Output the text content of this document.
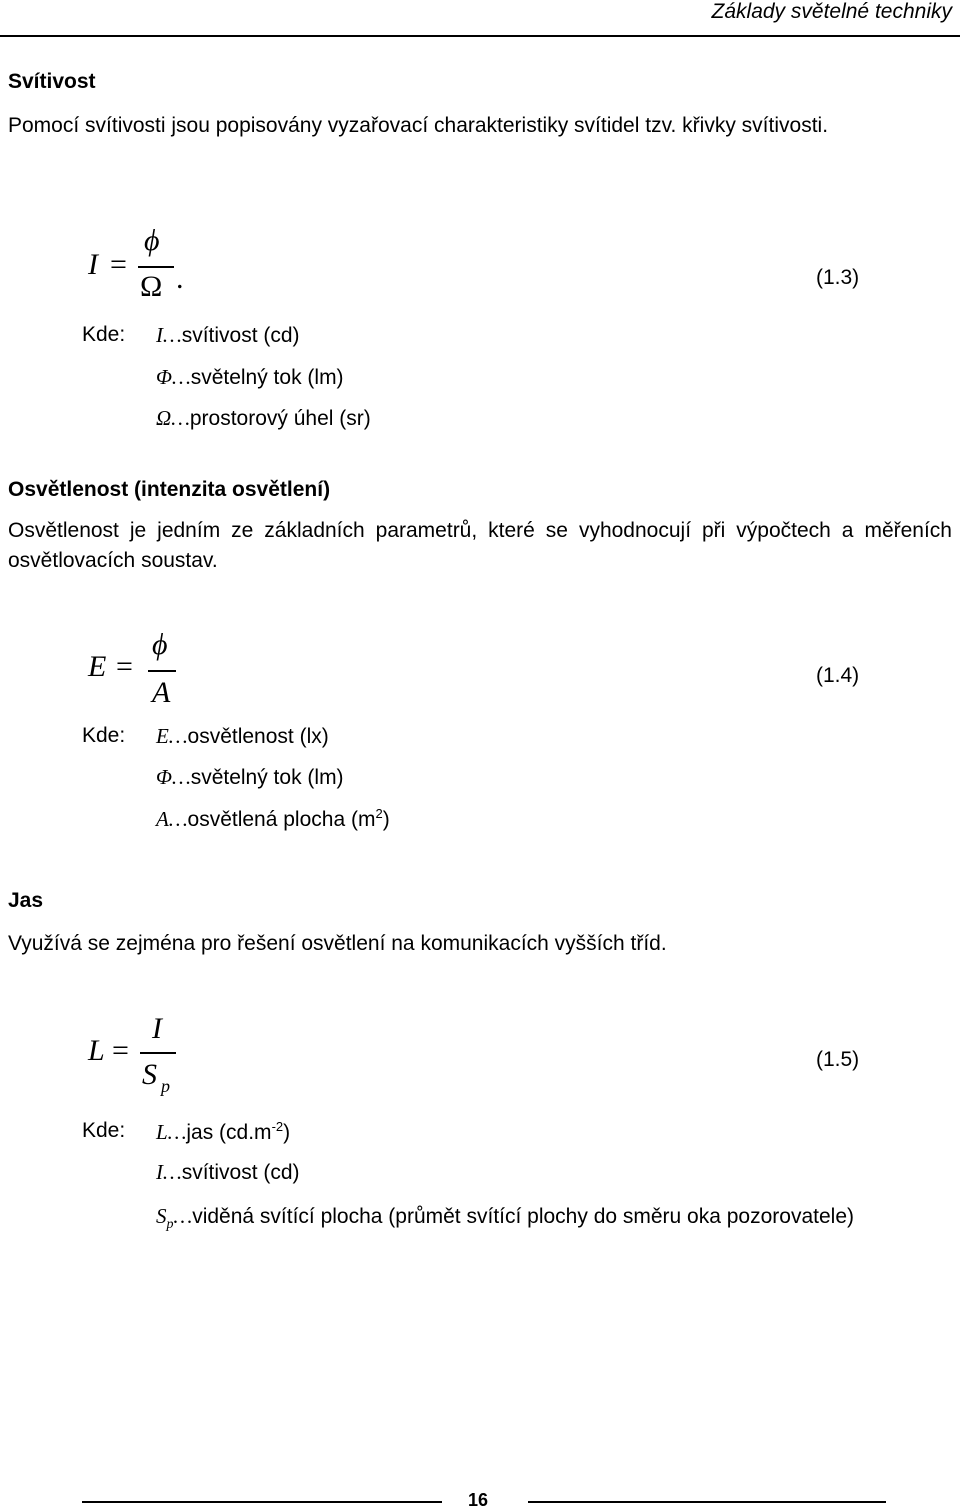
Základy světelné techniky
Svítivost
Pomocí svítivosti jsou popisovány vyzařovací charakteristiky svítidel tzv. křivky svítivosti.
I =
ϕ
Ω .	(1.3)
Kde: I…svítivost (cd)
Φ…světelný tok (lm)
Ω…prostorový úhel (sr)
Osvětlenost (intenzita osvětlení)
Osvětlenost je jedním ze základních parametrů, které se vyhodnocují při výpočtech a měřeních osvětlovacích soustav.
E =
ϕ
A
(1.4)
Kde: E…osvětlenost (lx)
Φ…světelný tok (lm)
A…osvětlená plocha $(m^2)$
Jas
Využívá se zejména pro řešení osvětlení na komunikacích vyšších tříd.
L =
I
S p
(1.5)
Kde: L…jas $(cd.m^{-2})$
I…svítivost (cd)
$S_p\dots viděná$ svítící plocha (průmět svítící plochy do směru oka pozorovatele)
16
